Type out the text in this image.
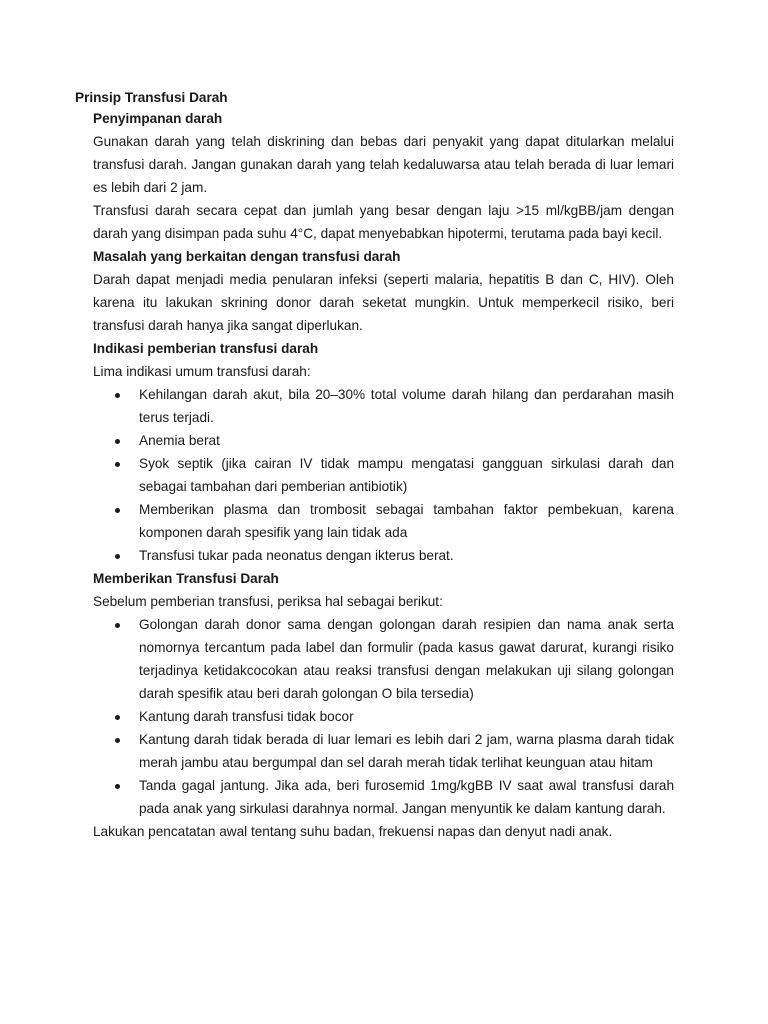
Prinsip Transfusi Darah

Penyimpanan darah

Gunakan darah yang telah diskrining dan bebas dari penyakit yang dapat ditularkan melalui transfusi darah. Jangan gunakan darah yang telah kedaluwarsa atau telah berada di luar lemari es lebih dari 2 jam.

Transfusi darah secara cepat dan jumlah yang besar dengan laju >15 ml/kgBB/jam dengan darah yang disimpan pada suhu 4°C, dapat menyebabkan hipotermi, terutama pada bayi kecil.

Masalah yang berkaitan dengan transfusi darah

Darah dapat menjadi media penularan infeksi (seperti malaria, hepatitis B dan C, HIV). Oleh karena itu lakukan skrining donor darah seketat mungkin. Untuk memperkecil risiko, beri transfusi darah hanya jika sangat diperlukan.

Indikasi pemberian transfusi darah

Lima indikasi umum transfusi darah:

Kehilangan darah akut, bila 20–30% total volume darah hilang dan perdarahan masih terus terjadi.
Anemia berat
Syok septik (jika cairan IV tidak mampu mengatasi gangguan sirkulasi darah dan sebagai tambahan dari pemberian antibiotik)
Memberikan plasma dan trombosit sebagai tambahan faktor pembekuan, karena komponen darah spesifik yang lain tidak ada
Transfusi tukar pada neonatus dengan ikterus berat.

Memberikan Transfusi Darah

Sebelum pemberian transfusi, periksa hal sebagai berikut:

Golongan darah donor sama dengan golongan darah resipien dan nama anak serta nomornya tercantum pada label dan formulir (pada kasus gawat darurat, kurangi risiko terjadinya ketidakcocokan atau reaksi transfusi dengan melakukan uji silang golongan darah spesifik atau beri darah golongan O bila tersedia)
Kantung darah transfusi tidak bocor
Kantung darah tidak berada di luar lemari es lebih dari 2 jam, warna plasma darah tidak merah jambu atau bergumpal dan sel darah merah tidak terlihat keunguan atau hitam
Tanda gagal jantung. Jika ada, beri furosemid 1mg/kgBB IV saat awal transfusi darah pada anak yang sirkulasi darahnya normal. Jangan menyuntik ke dalam kantung darah.

Lakukan pencatatan awal tentang suhu badan, frekuensi napas dan denyut nadi anak.
